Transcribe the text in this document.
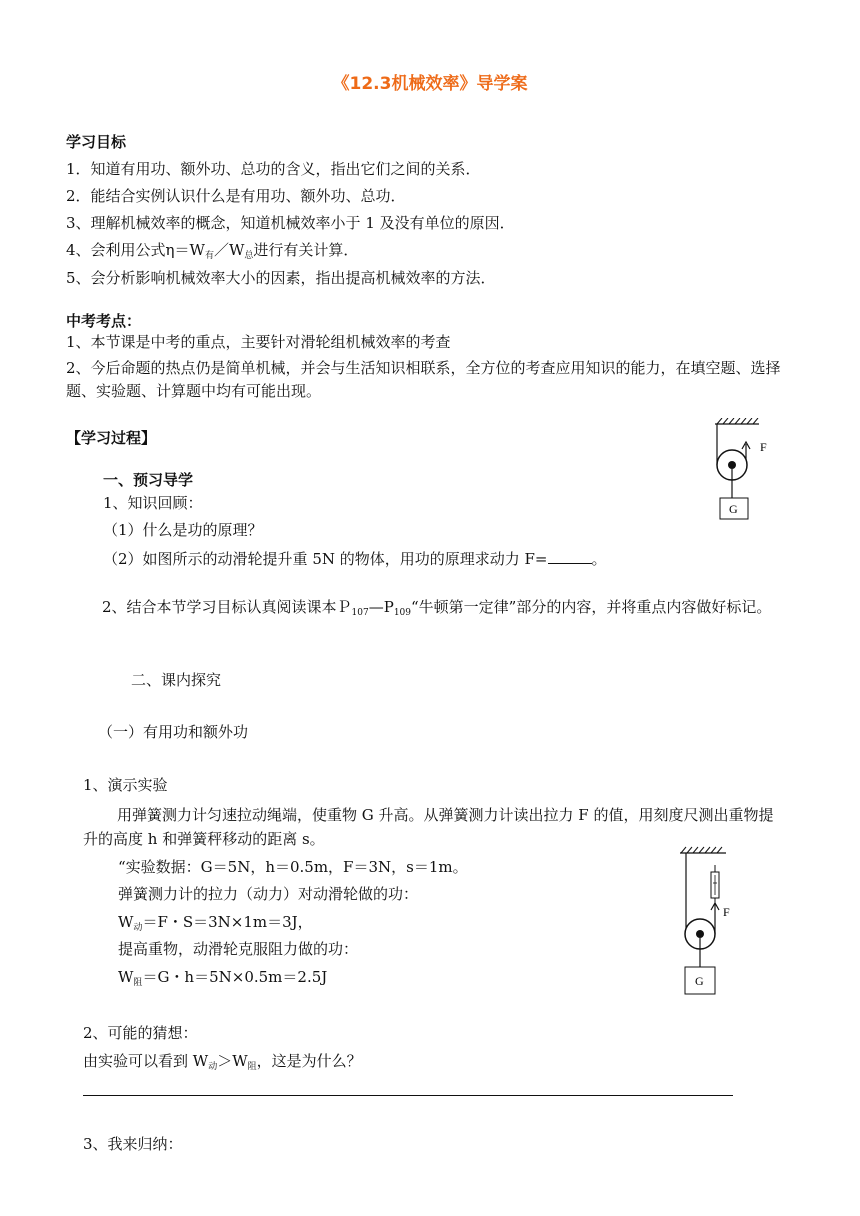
《12.3机械效率》导学案
学习目标
1．知道有用功、额外功、总功的含义，指出它们之间的关系．
2．能结合实例认识什么是有用功、额外功、总功．
3、理解机械效率的概念，知道机械效率小于 1 及没有单位的原因．
4、会利用公式$\eta=W_有/W_总$进行有关计算．
5、会分析影响机械效率大小的因素，指出提高机械效率的方法．
中考考点：
1、本节课是中考的重点，主要针对滑轮组机械效率的考查
2、今后命题的热点仍是简单机械，并会与生活知识相联系，全方位的考查应用知识的能力，在填空题、选择题、实验题、计算题中均有可能出现。
【学习过程】
一、预习导学
1、知识回顾：
（1）什么是功的原理？
（2）如图所示的动滑轮提升重 5N 的物体，用功的原理求动力 F=	。
2、结合本节学习目标认真阅读课本$P_{107}—P_{109}“$牛顿第一定律”部分的内容，并将重点内容做好标记。
二、课内探究
（一）有用功和额外功
1、演示实验
用弹簧测力计匀速拉动绳端，使重物 G 升高。从弹簧测力计读出拉力 F 的值，用刻度尺测出重物提升的高度 h 和弹簧秤移动的距离 s。
“实验数据：G＝5N，h＝0.5m，F＝3N，s＝1m。
弹簧测力计的拉力（动力）对动滑轮做的功：
$W_动=F$・S＝3N×1m＝3J，
提高重物，动滑轮克服阻力做的功：
$W_阻=G$・h＝5N×0.5m＝2.5J
2、可能的猜想：
由实验可以看到 $W_动>W_阻$，这是为什么？
3、我来归纳：
F
G
F
G
